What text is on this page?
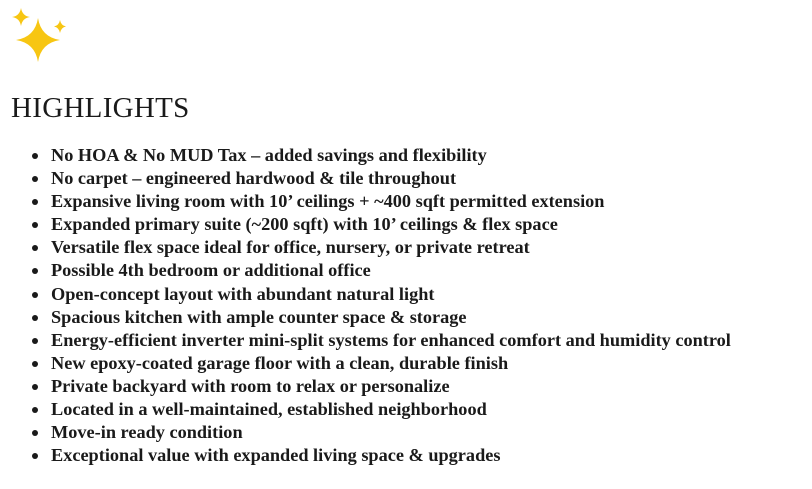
HIGHLIGHTS
No HOA & No MUD Tax – added savings and flexibility
No carpet – engineered hardwood & tile throughout
Expansive living room with 10’ ceilings + ~400 sqft permitted extension
Expanded primary suite (~200 sqft) with 10’ ceilings & flex space
Versatile flex space ideal for office, nursery, or private retreat
Possible 4th bedroom or additional office
Open-concept layout with abundant natural light
Spacious kitchen with ample counter space & storage
Energy-efficient inverter mini-split systems for enhanced comfort and humidity control
New epoxy-coated garage floor with a clean, durable finish
Private backyard with room to relax or personalize
Located in a well-maintained, established neighborhood
Move-in ready condition
Exceptional value with expanded living space & upgrades
